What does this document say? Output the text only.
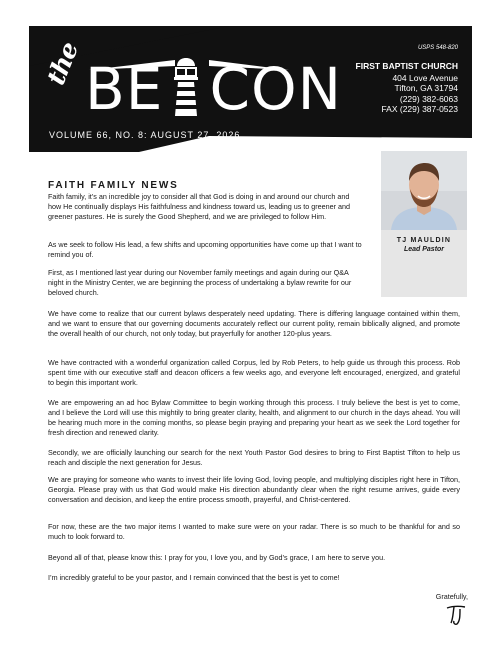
the B E C O N
USPS 548-820
FIRST BAPTIST CHURCH
404 Love Avenue
Tifton, GA 31794
(229) 382-6063
FAX (229) 387-0523
VOLUME 66, NO. 8: AUGUST 27, 2026
FAITH FAMILY NEWS
Faith family, it’s an incredible joy to consider all that God is doing in and around our church and how He continually displays His faithfulness and kindness toward us, leading us to greener and greener pastures. He is surely the Good Shepherd, and we are privileged to follow Him.
As we seek to follow His lead, a few shifts and upcoming opportunities have come up that I want to remind you of.
First, as I mentioned last year during our November family meetings and again during our Q&A night in the Ministry Center, we are beginning the process of undertaking a bylaw rewrite for our beloved church.
We have come to realize that our current bylaws desperately need updating. There is differing language contained within them, and we want to ensure that our governing documents accurately reflect our current polity, remain biblically aligned, and promote the overall health of our church, not only today, but prayerfully for another 120-plus years.
We have contracted with a wonderful organization called Corpus, led by Rob Peters, to help guide us through this process. Rob spent time with our executive staff and deacon officers a few weeks ago, and everyone left encouraged, energized, and grateful to begin this important work.
We are empowering an ad hoc Bylaw Committee to begin working through this process. I truly believe the best is yet to come, and I believe the Lord will use this mightily to bring greater clarity, health, and alignment to our church in the days ahead. You will be hearing much more in the coming months, so please begin praying and preparing your heart as we seek the Lord together for fresh direction and renewed clarity.
Secondly, we are officially launching our search for the next Youth Pastor God desires to bring to First Baptist Tifton to help us reach and disciple the next generation for Jesus.
We are praying for someone who wants to invest their life loving God, loving people, and multiplying disciples right here in Tifton, Georgia. Please pray with us that God would make His direction abundantly clear when the right resume arrives, guide every conversation and decision, and keep the entire process smooth, prayerful, and Christ-centered.
For now, these are the two major items I wanted to make sure were on your radar. There is so much to be thankful for and so much to look forward to.
Beyond all of that, please know this: I pray for you, I love you, and by God’s grace, I am here to serve you.
I’m incredibly grateful to be your pastor, and I remain convinced that the best is yet to come!
TJ MAULDIN
Lead Pastor
Gratefully,
